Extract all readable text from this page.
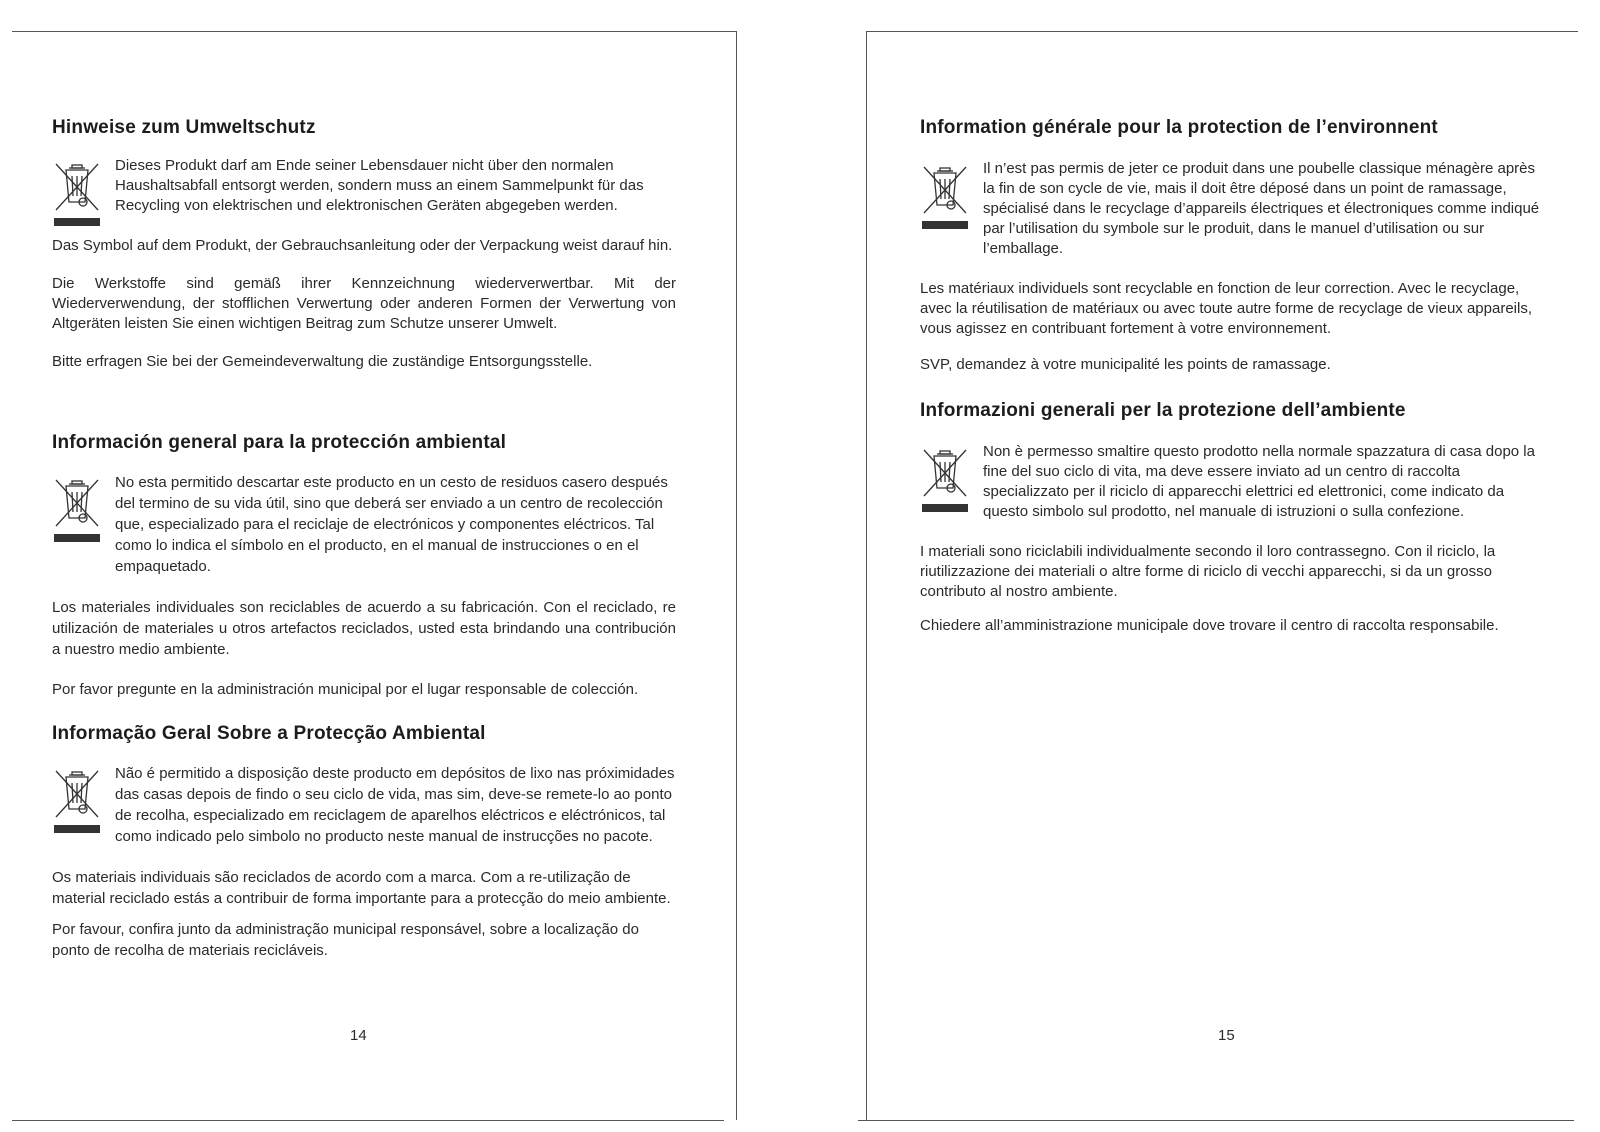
Hinweise zum Umweltschutz

Dieses Produkt darf am Ende seiner Lebensdauer nicht über den normalen Haushaltsabfall entsorgt werden, sondern muss an einem Sammelpunkt für das Recycling von elektrischen und elektronischen Geräten abgegeben werden.

Das Symbol auf dem Produkt, der Gebrauchsanleitung oder der Verpackung weist darauf hin.

Die Werkstoffe sind gemäß ihrer Kennzeichnung wiederverwertbar. Mit der Wiederverwendung, der stofflichen Verwertung oder anderen Formen der Verwertung von Altgeräten leisten Sie einen wichtigen Beitrag zum Schutze unserer Umwelt.

Bitte erfragen Sie bei der Gemeindeverwaltung die zuständige Entsorgungsstelle.

Información general para la protección ambiental

No esta permitido descartar este producto en un cesto de residuos casero después del termino de su vida útil, sino que deberá ser enviado a un centro de recolección que, especializado para el reciclaje de electrónicos y componentes eléctricos. Tal como lo indica el símbolo en el producto, en el manual de instrucciones o en el empaquetado.

Los materiales individuales son reciclables de acuerdo a su fabricación. Con el reciclado, re utilización de materiales u otros artefactos reciclados, usted esta brindando una contribución a nuestro medio ambiente.

Por favor pregunte en la administración municipal por el lugar responsable de colección.

Informação Geral Sobre a Protecção Ambiental

Não é permitido a disposição deste producto em depósitos de lixo nas próximidades das casas depois de findo o seu ciclo de vida, mas sim, deve-se remete-lo ao ponto de recolha, especializado em reciclagem de aparelhos eléctricos e eléctrónicos, tal como indicado pelo simbolo no producto neste manual de instrucções no pacote.

Os materiais individuais são reciclados de acordo com a marca. Com a re-utilização de material reciclado estás a contribuir de forma importante para a protecção do meio ambiente.

Por favour, confira junto da administração municipal responsável, sobre a localização do ponto de recolha de materiais recicláveis.

14
Information générale pour la protection de l’environnent

Il n’est pas permis de jeter ce produit dans une poubelle classique ménagère après la fin de son cycle de vie, mais il doit être déposé dans un point de ramassage, spécialisé dans le recyclage d’appareils électriques et électroniques comme indiqué par l’utilisation du symbole sur le produit, dans le manuel d’utilisation ou sur l’emballage.

Les matériaux individuels sont recyclable en fonction de leur correction. Avec le recyclage, avec la réutilisation de matériaux ou avec toute autre forme de recyclage de vieux appareils, vous agissez en contribuant fortement à votre environnement.

SVP, demandez à votre municipalité les points de ramassage.

Informazioni generali per la protezione dell’ambiente

Non è permesso smaltire questo prodotto nella normale spazzatura di casa dopo la fine del suo ciclo di vita, ma deve essere inviato ad un centro di raccolta specializzato per il riciclo di apparecchi elettrici ed elettronici, come indicato da questo simbolo sul prodotto, nel manuale di istruzioni o sulla confezione.

I materiali sono riciclabili individualmente secondo il loro contrassegno. Con il riciclo, la riutilizzazione dei materiali o altre forme di riciclo di vecchi apparecchi, si da un grosso contributo al nostro ambiente.

Chiedere all’amministrazione municipale dove trovare il centro di raccolta responsabile.

15
